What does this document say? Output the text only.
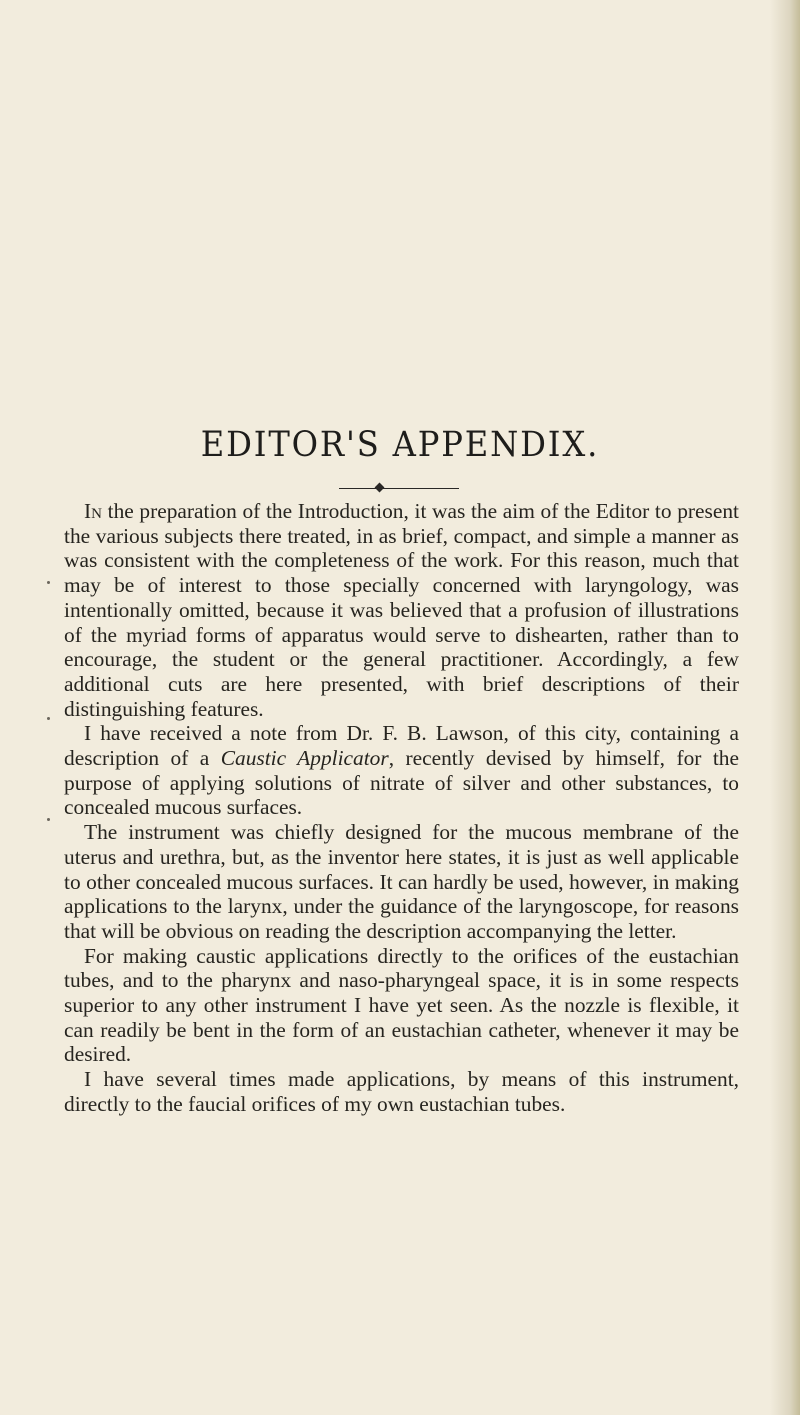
EDITOR'S APPENDIX.

In the preparation of the Introduction, it was the aim of the Editor to present the various subjects there treated, in as brief, compact, and simple a manner as was consistent with the completeness of the work. For this reason, much that may be of interest to those specially concerned with laryngology, was intentionally omitted, because it was believed that a profusion of illustrations of the myriad forms of apparatus would serve to dishearten, rather than to encourage, the student or the general practitioner. Accordingly, a few additional cuts are here presented, with brief descriptions of their distinguishing features.

I have received a note from Dr. F. B. Lawson, of this city, containing a description of a Caustic Applicator, recently devised by himself, for the purpose of applying solutions of nitrate of silver and other substances, to concealed mucous surfaces.

The instrument was chiefly designed for the mucous membrane of the uterus and urethra, but, as the inventor here states, it is just as well applicable to other concealed mucous surfaces. It can hardly be used, however, in making applications to the larynx, under the guidance of the laryngoscope, for reasons that will be obvious on reading the description accompanying the letter.

For making caustic applications directly to the orifices of the eustachian tubes, and to the pharynx and naso-pharyngeal space, it is in some respects superior to any other instrument I have yet seen. As the nozzle is flexible, it can readily be bent in the form of an eustachian catheter, whenever it may be desired.

I have several times made applications, by means of this instrument, directly to the faucial orifices of my own eustachian tubes.
